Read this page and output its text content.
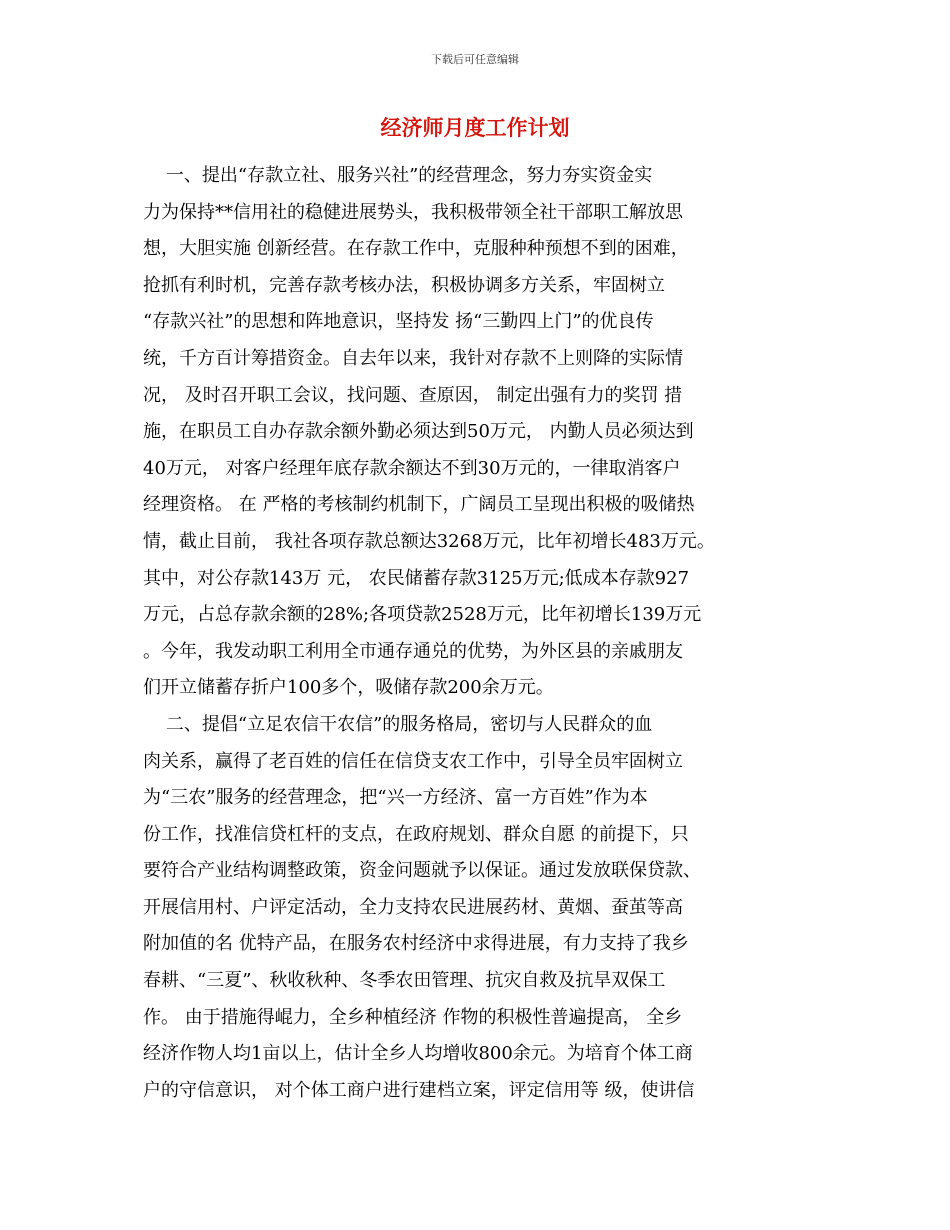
下载后可任意编辑
经济师月度工作计划
一、提出“存款立社、服务兴社”的经营理念，努力夯实资金实
力为保持**信用社的稳健进展势头，我积极带领全社干部职工解放思
想，大胆实施 创新经营。在存款工作中，克服种种预想不到的困难，
抢抓有利时机，完善存款考核办法，积极协调多方关系，牢固树立
“存款兴社”的思想和阵地意识，坚持发 扬“三勤四上门”的优良传
统，千方百计筹措资金。自去年以来，我针对存款不上则降的实际情
况， 及时召开职工会议，找问题、查原因， 制定出强有力的奖罚 措
施，在职员工自办存款余额外勤必须达到50万元， 内勤人员必须达到
40万元， 对客户经理年底存款余额达不到30万元的，一律取消客户
经理资格。 在 严格的考核制约机制下，广阔员工呈现出积极的吸储热
情，截止目前， 我社各项存款总额达3268万元，比年初增长483万元。
其中，对公存款143万 元， 农民储蓄存款3125万元;低成本存款927
万元，占总存款余额的28%;各项贷款2528万元，比年初增长139万元
。今年，我发动职工利用全市通存通兑的优势，为外区县的亲戚朋友
们开立储蓄存折户100多个，吸储存款200余万元。
二、提倡“立足农信干农信”的服务格局，密切与人民群众的血
肉关系，赢得了老百姓的信任在信贷支农工作中，引导全员牢固树立
为“三农”服务的经营理念，把“兴一方经济、富一方百姓”作为本
份工作，找准信贷杠杆的支点，在政府规划、群众自愿 的前提下，只
要符合产业结构调整政策，资金问题就予以保证。通过发放联保贷款、
开展信用村、户评定活动，全力支持农民进展药材、黄烟、蚕茧等高
附加值的名 优特产品，在服务农村经济中求得进展，有力支持了我乡
春耕、“三夏”、秋收秋种、冬季农田管理、抗灾自救及抗旱双保工
作。 由于措施得崐力，全乡种植经济 作物的积极性普遍提高， 全乡
经济作物人均1亩以上，估计全乡人均增收800余元。为培育个体工商
户的守信意识， 对个体工商户进行建档立案，评定信用等 级，使讲信
